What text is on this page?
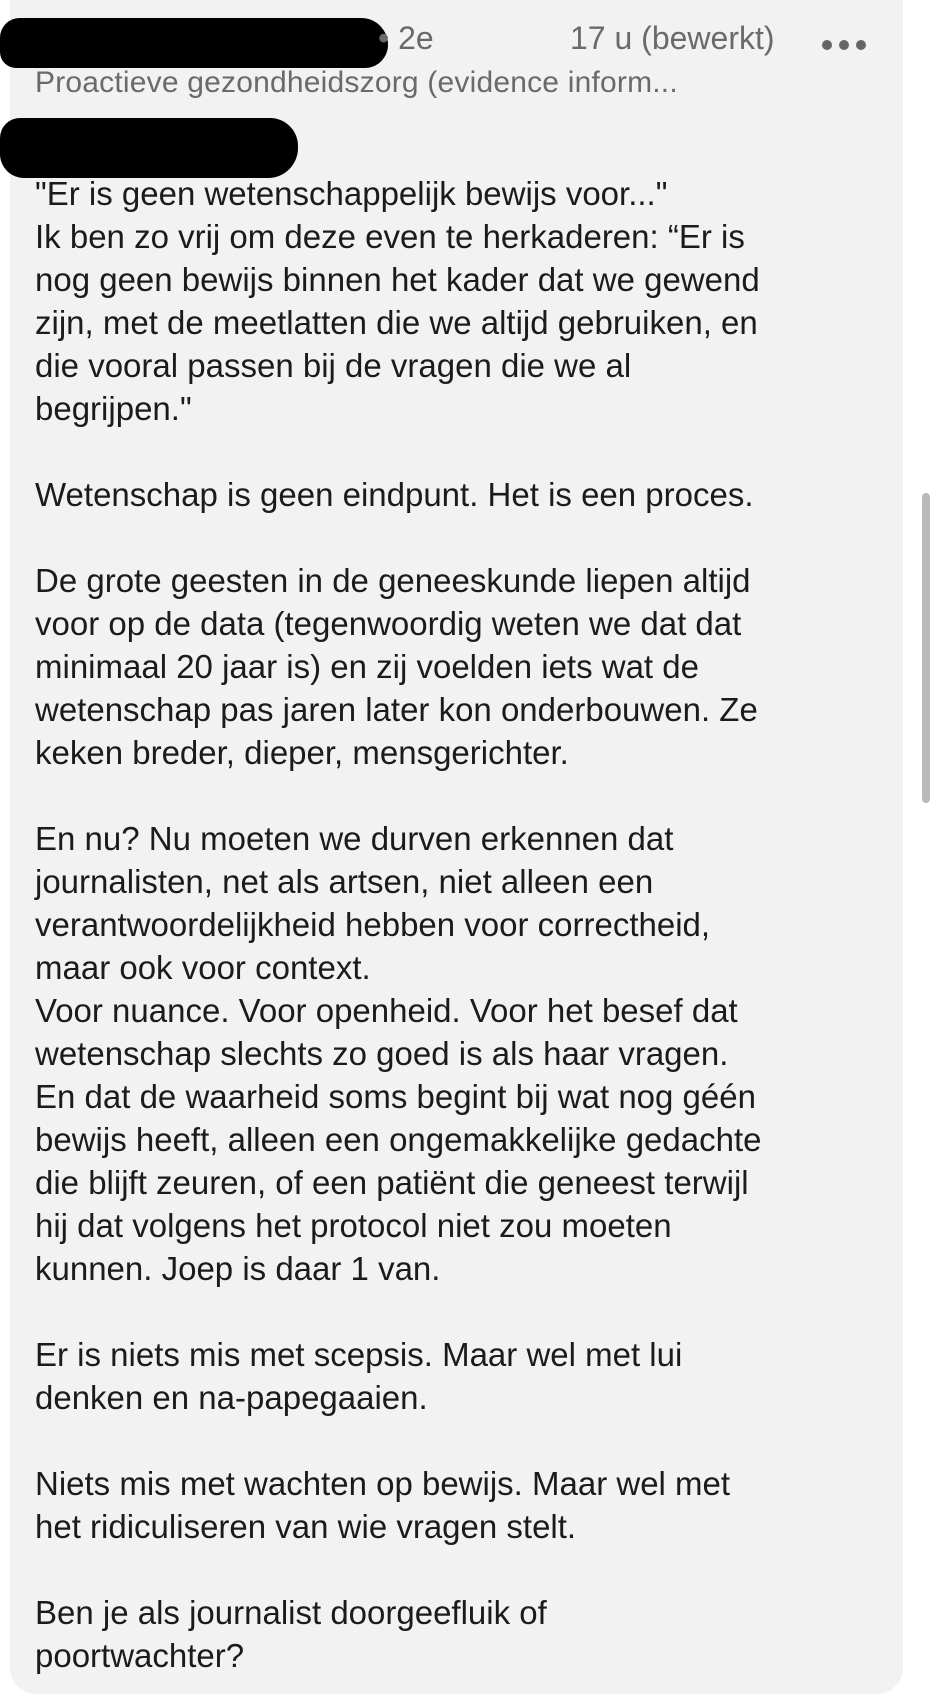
• 2e	17 u (bewerkt)
Proactieve gezondheidszorg (evidence inform...
"Er is geen wetenschappelijk bewijs voor..."
Ik ben zo vrij om deze even te herkaderen: “Er is
nog geen bewijs binnen het kader dat we gewend
zijn, met de meetlatten die we altijd gebruiken, en
die vooral passen bij de vragen die we al
begrijpen."
Wetenschap is geen eindpunt. Het is een proces.
De grote geesten in de geneeskunde liepen altijd
voor op de data (tegenwoordig weten we dat dat
minimaal 20 jaar is) en zij voelden iets wat de
wetenschap pas jaren later kon onderbouwen. Ze
keken breder, dieper, mensgerichter.
En nu? Nu moeten we durven erkennen dat
journalisten, net als artsen, niet alleen een
verantwoordelijkheid hebben voor correctheid,
maar ook voor context.
Voor nuance. Voor openheid. Voor het besef dat
wetenschap slechts zo goed is als haar vragen.
En dat de waarheid soms begint bij wat nog géén
bewijs heeft, alleen een ongemakkelijke gedachte
die blijft zeuren, of een patiënt die geneest terwijl
hij dat volgens het protocol niet zou moeten
kunnen. Joep is daar 1 van.
Er is niets mis met scepsis. Maar wel met lui
denken en na-papegaaien.
Niets mis met wachten op bewijs. Maar wel met
het ridiculiseren van wie vragen stelt.
Ben je als journalist doorgeefluik of
poortwachter?
